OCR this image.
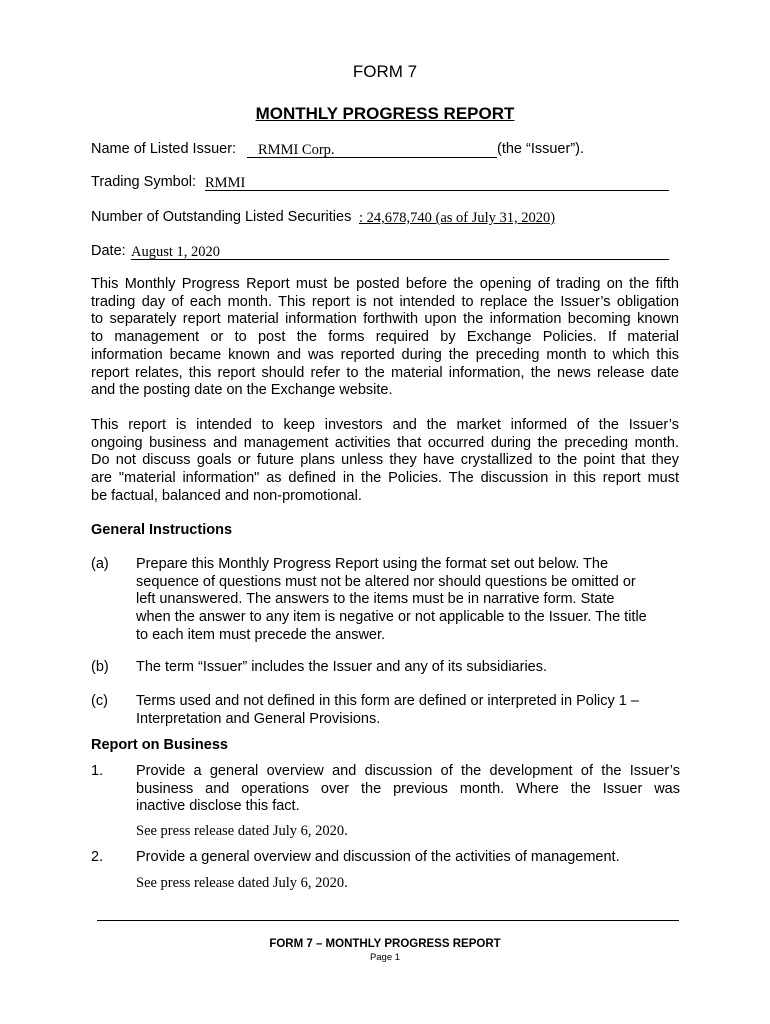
FORM 7
MONTHLY PROGRESS REPORT
Name of Listed Issuer: RMMI Corp.	(the “Issuer”).
Trading Symbol: RMMI
Number of Outstanding Listed Securities : 24,678,740 (as of July 31, 2020)
Date: August 1, 2020
This Monthly Progress Report must be posted before the opening of trading on the fifth
trading day of each month. This report is not intended to replace the Issuer’s obligation
to separately report material information forthwith upon the information becoming known
to management or to post the forms required by Exchange Policies. If material
information became known and was reported during the preceding month to which this
report relates, this report should refer to the material information, the news release date
and the posting date on the Exchange website.
This report is intended to keep investors and the market informed of the Issuer’s
ongoing business and management activities that occurred during the preceding month.
Do not discuss goals or future plans unless they have crystallized to the point that they
are "material information" as defined in the Policies. The discussion in this report must
be factual, balanced and non-promotional.
General Instructions
(a) Prepare this Monthly Progress Report using the format set out below. The
sequence of questions must not be altered nor should questions be omitted or
left unanswered. The answers to the items must be in narrative form. State
when the answer to any item is negative or not applicable to the Issuer. The title
to each item must precede the answer.
(b) The term “Issuer” includes the Issuer and any of its subsidiaries.
(c) Terms used and not defined in this form are defined or interpreted in Policy 1 –
Interpretation and General Provisions.
Report on Business
1. Provide a general overview and discussion of the development of the Issuer’s
business and operations over the previous month. Where the Issuer was
inactive disclose this fact.
See press release dated July 6, 2020.
2. Provide a general overview and discussion of the activities of management.
See press release dated July 6, 2020.
FORM 7 – MONTHLY PROGRESS REPORT
Page 1
